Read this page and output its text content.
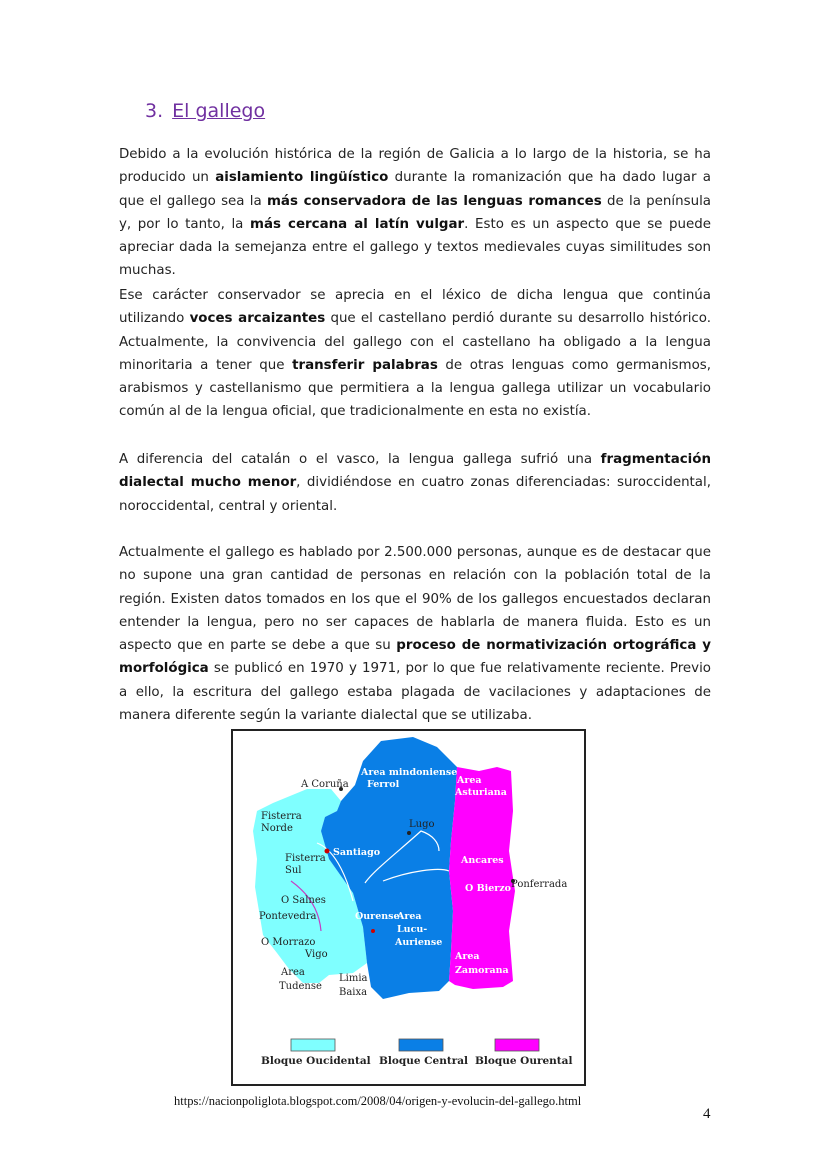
3. El gallego

Debido a la evolución histórica de la región de Galicia a lo largo de la historia, se ha producido un aislamiento lingüístico durante la romanización que ha dado lugar a que el gallego sea la más conservadora de las lenguas romances de la península y, por lo tanto, la más cercana al latín vulgar. Esto es un aspecto que se puede apreciar dada la semejanza entre el gallego y textos medievales cuyas similitudes son muchas.

Ese carácter conservador se aprecia en el léxico de dicha lengua que continúa utilizando voces arcaizantes que el castellano perdió durante su desarrollo histórico. Actualmente, la convivencia del gallego con el castellano ha obligado a la lengua minoritaria a tener que transferir palabras de otras lenguas como germanismos, arabismos y castellanismo que permitiera a la lengua gallega utilizar un vocabulario común al de la lengua oficial, que tradicionalmente en esta no existía.

A diferencia del catalán o el vasco, la lengua gallega sufrió una fragmentación dialectal mucho menor, dividiéndose en cuatro zonas diferenciadas: suroccidental, noroccidental, central y oriental.

Actualmente el gallego es hablado por 2.500.000 personas, aunque es de destacar que no supone una gran cantidad de personas en relación con la población total de la región. Existen datos tomados en los que el 90% de los gallegos encuestados declaran entender la lengua, pero no ser capaces de hablarla de manera fluida. Esto es un aspecto que en parte se debe a que su proceso de normativización ortográfica y morfológica se publicó en 1970 y 1971, por lo que fue relativamente reciente. Previo a ello, la escritura del gallego estaba plagada de vacilaciones y adaptaciones de manera diferente según la variante dialectal que se utilizaba.

A Coruña
Area mindoniense
Ferrol	Area
Asturiana
Fisterra
Norde	Lugo
Santiago
Fisterra
Sul
Ancares
O Bierzo Ponferrada
O Salnes
Pontevedra	Ourense
Area
Lucu-
Auriense
O Morrazo
Vigo	Area
Zamorana
Area
Tudense
Limia
Baixa
Bloque Oucidental Bloque Central Bloque Ourental

https://nacionpoliglota.blogspot.com/2008/04/origen-y-evolucin-del-gallego.html

4
